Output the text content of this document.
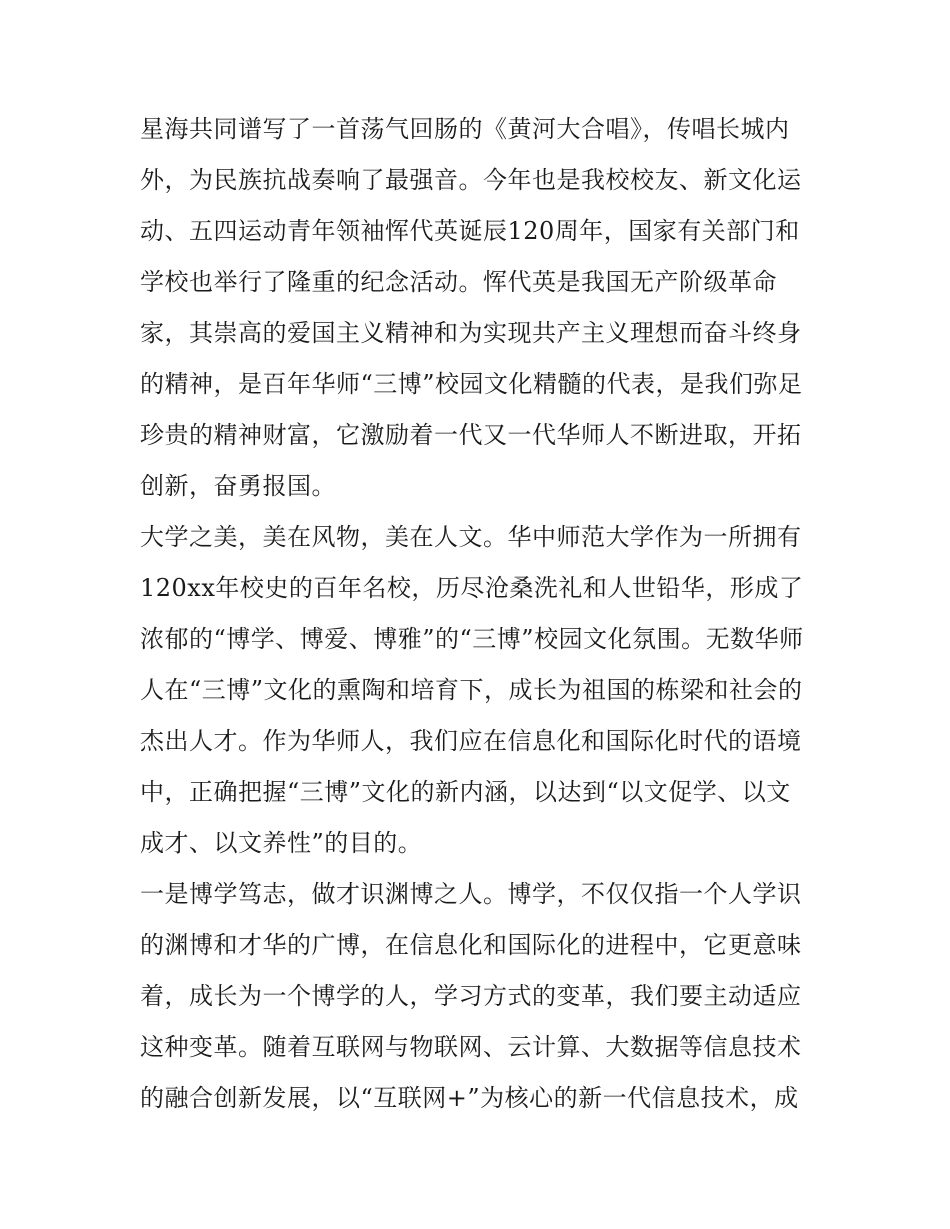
星海共同谱写了一首荡气回肠的《黄河大合唱》，传唱长城内
外，为民族抗战奏响了最强音。今年也是我校校友、新文化运
动、五四运动青年领袖恽代英诞辰120周年，国家有关部门和
学校也举行了隆重的纪念活动。恽代英是我国无产阶级革命
家，其崇高的爱国主义精神和为实现共产主义理想而奋斗终身
的精神，是百年华师“三博”校园文化精髓的代表，是我们弥足
珍贵的精神财富，它激励着一代又一代华师人不断进取，开拓
创新，奋勇报国。
大学之美，美在风物，美在人文。华中师范大学作为一所拥有
120xx年校史的百年名校，历尽沧桑洗礼和人世铅华，形成了
浓郁的“博学、博爱、博雅”的“三博”校园文化氛围。无数华师
人在“三博”文化的熏陶和培育下，成长为祖国的栋梁和社会的
杰出人才。作为华师人，我们应在信息化和国际化时代的语境
中，正确把握“三博”文化的新内涵，以达到“以文促学、以文
成才、以文养性”的目的。
一是博学笃志，做才识渊博之人。博学，不仅仅指一个人学识
的渊博和才华的广博，在信息化和国际化的进程中，它更意味
着，成长为一个博学的人，学习方式的变革，我们要主动适应
这种变革。随着互联网与物联网、云计算、大数据等信息技术
的融合创新发展，以“互联网+”为核心的新一代信息技术，成
